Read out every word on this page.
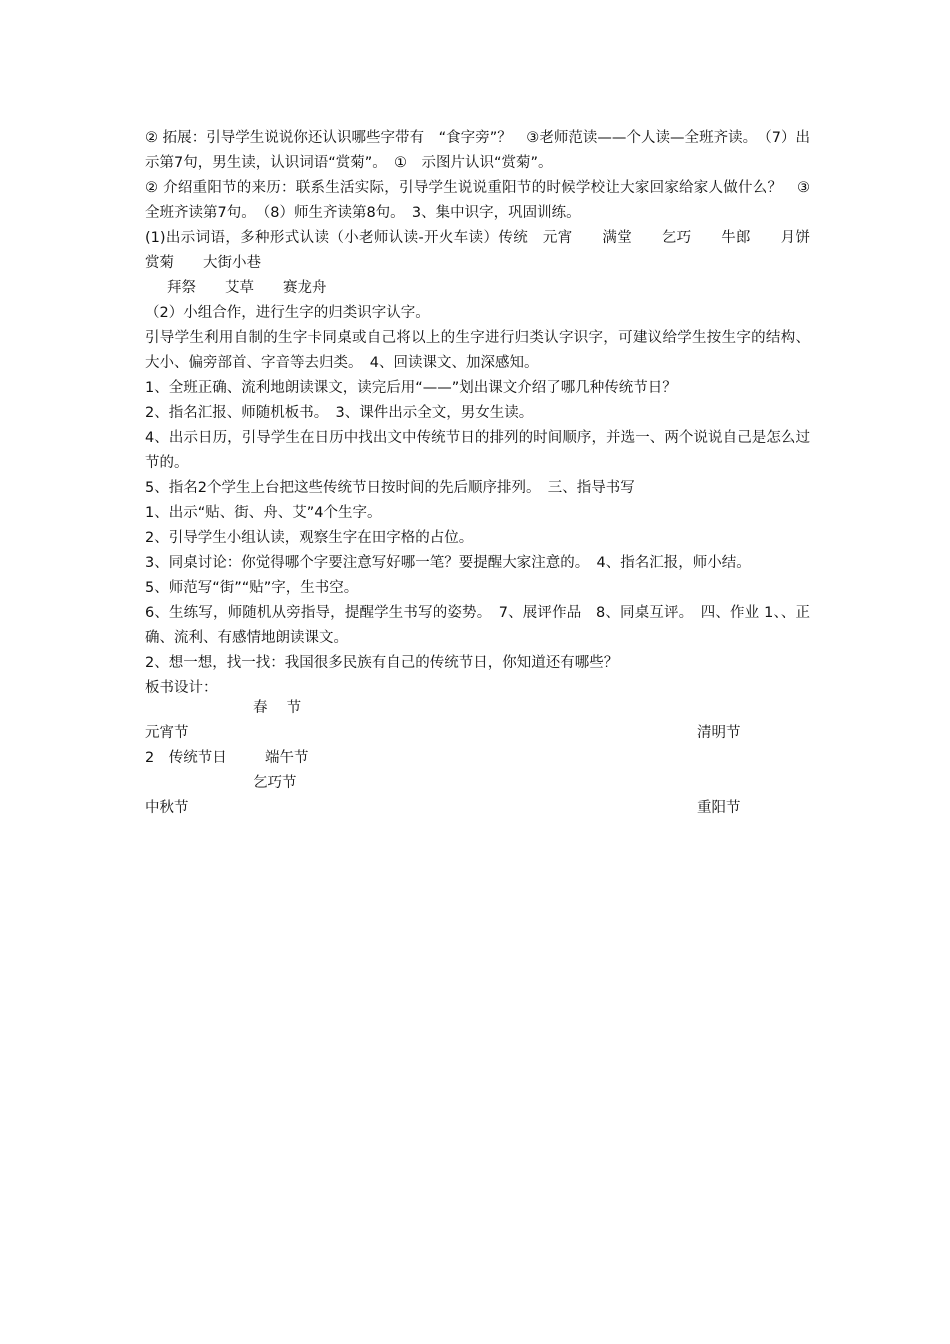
② 拓展：引导学生说说你还认识哪些字带有　“食字旁”？　③老师范读——个人读—全班齐读。　（7）出示第7句，男生读，认识词语“赏菊”。　①　示图片认识“赏菊”。

② 介绍重阳节的来历：联系生活实际，引导学生说说重阳节的时候学校让大家回家给家人做什么？　③全班齐读第7句。　（8）师生齐读第8句。　3、集中识字，巩固训练。

(1)出示词语，多种形式认读（小老师认读-开火车读）传统　元宵　　满堂　　乞巧　　牛郎　　月饼　　赏菊　　大街小巷

拜祭　　艾草　　赛龙舟

（2）小组合作，进行生字的归类识字认字。

引导学生利用自制的生字卡同桌或自己将以上的生字进行归类认字识字，可建议给学生按生字的结构、大小、偏旁部首、字音等去归类。　4、回读课文、加深感知。

1、全班正确、流利地朗读课文，读完后用“——”划出课文介绍了哪几种传统节日？

2、指名汇报、师随机板书。　3、课件出示全文，男女生读。

4、出示日历，引导学生在日历中找出文中传统节日的排列的时间顺序，并选一、两个说说自己是怎么过节的。

5、指名2个学生上台把这些传统节日按时间的先后顺序排列。　三、指导书写

1、出示“贴、街、舟、艾”4个生字。

2、引导学生小组认读，观察生字在田字格的占位。

3、同桌讨论：你觉得哪个字要注意写好哪一笔？要提醒大家注意的。　4、指名汇报，师小结。

5、师范写“街”“贴”字，生书空。

6、生练写，师随机从旁指导，提醒学生书写的姿势。　7、展评作品　8、同桌互评。　四、作业 1、、正确、流利、有感情地朗读课文。

2、想一想，找一找：我国很多民族有自己的传统节日，你知道还有哪些？

板书设计：

春　 节
元宵节	清明节
2　传统节日	端午节
乞巧节
中秋节	重阳节
